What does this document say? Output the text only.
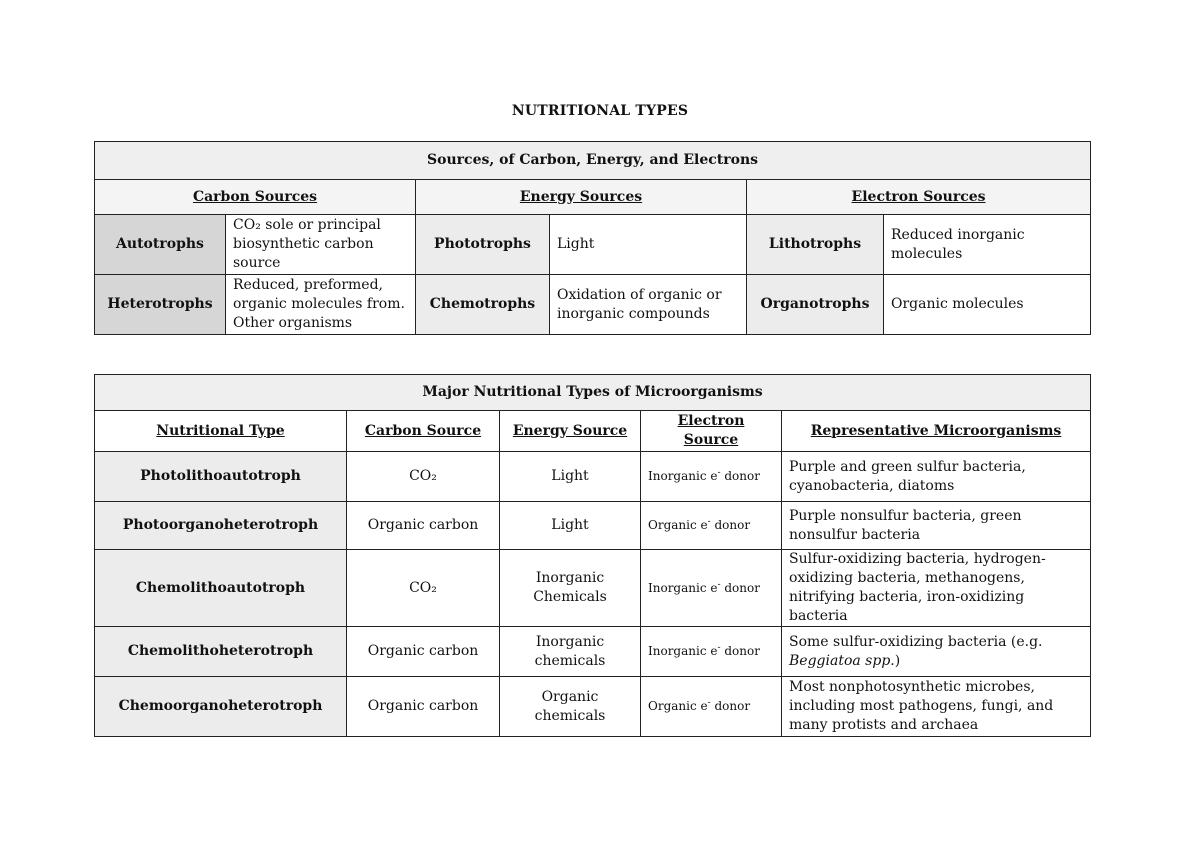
NUTRITIONAL TYPES
Sources, of Carbon, Energy, and Electrons					
Carbon Sources		Energy Sources		Electron Sources	
Autotrophs	CO₂ sole or principal biosynthetic carbon source	Phototrophs	Light	Lithotrophs	Reduced inorganic molecules
Heterotrophs	Reduced, preformed, organic molecules from. Other organisms	Chemotrophs	Oxidation of organic or inorganic compounds	Organotrophs	Organic molecules
Major Nutritional Types of Microorganisms				
Nutritional Type	Carbon Source	Energy Source	Electron Source	Representative Microorganisms
Photolithoautotroph	CO₂	Light	Inorganic e- donor	Purple and green sulfur bacteria, cyanobacteria, diatoms
Photoorganoheterotroph	Organic carbon	Light	Organic e- donor	Purple nonsulfur bacteria, green nonsulfur bacteria
Chemolithoautotroph	CO₂	Inorganic Chemicals	Inorganic e- donor	Sulfur-oxidizing bacteria, hydrogen-oxidizing bacteria, methanogens, nitrifying bacteria, iron-oxidizing bacteria
Chemolithoheterotroph	Organic carbon	Inorganic chemicals	Inorganic e- donor	Some sulfur-oxidizing bacteria (e.g. Beggiatoa spp.)
Chemoorganoheterotroph	Organic carbon	Organic chemicals	Organic e- donor	Most nonphotosynthetic microbes, including most pathogens, fungi, and many protists and archaea
